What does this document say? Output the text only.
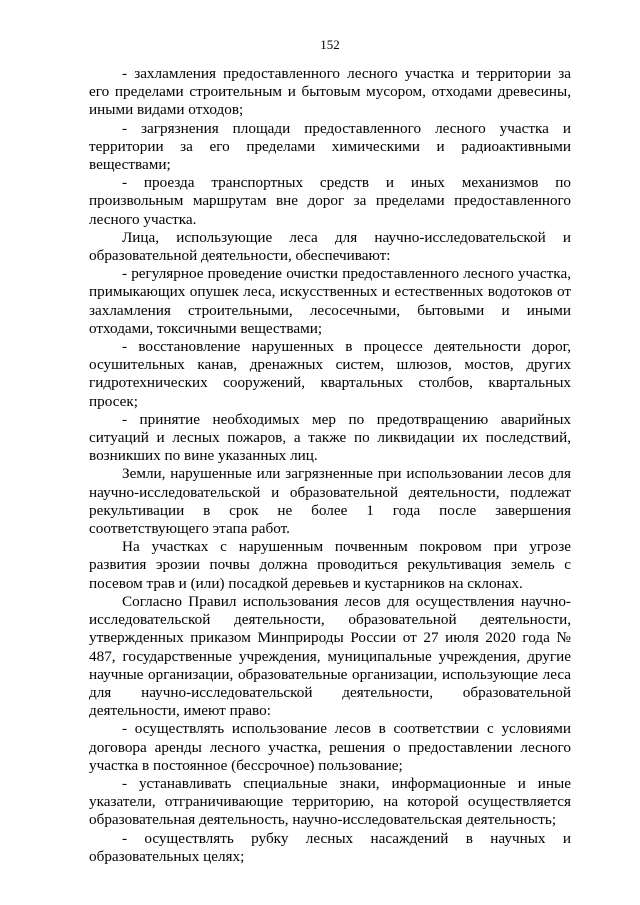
152

- захламления предоставленного лесного участка и территории за его пределами строительным и бытовым мусором, отходами древесины, иными видами отходов;

- загрязнения площади предоставленного лесного участка и территории за его пределами химическими и радиоактивными веществами;

- проезда транспортных средств и иных механизмов по произвольным маршрутам вне дорог за пределами предоставленного лесного участка.

Лица, использующие леса для научно-исследовательской и образовательной деятельности, обеспечивают:

- регулярное проведение очистки предоставленного лесного участка, примыкающих опушек леса, искусственных и естественных водотоков от захламления строительными, лесосечными, бытовыми и иными отходами, токсичными веществами;

- восстановление нарушенных в процессе деятельности дорог, осушительных канав, дренажных систем, шлюзов, мостов, других гидротехнических сооружений, квартальных столбов, квартальных просек;

- принятие необходимых мер по предотвращению аварийных ситуаций и лесных пожаров, а также по ликвидации их последствий, возникших по вине указанных лиц.

Земли, нарушенные или загрязненные при использовании лесов для научно-исследовательской и образовательной деятельности, подлежат рекультивации в срок не более 1 года после завершения соответствующего этапа работ.

На участках с нарушенным почвенным покровом при угрозе развития эрозии почвы должна проводиться рекультивация земель с посевом трав и (или) посадкой деревьев и кустарников на склонах.

Согласно Правил использования лесов для осуществления научно-исследовательской деятельности, образовательной деятельности, утвержденных приказом Минприроды России от 27 июля 2020 года № 487, государственные учреждения, муниципальные учреждения, другие научные организации, образовательные организации, использующие леса для научно-исследовательской деятельности, образовательной деятельности, имеют право:

- осуществлять использование лесов в соответствии с условиями договора аренды лесного участка, решения о предоставлении лесного участка в постоянное (бессрочное) пользование;

- устанавливать специальные знаки, информационные и иные указатели, отграничивающие территорию, на которой осуществляется образовательная деятельность, научно-исследовательская деятельность;

- осуществлять рубку лесных насаждений в научных и образовательных целях;
